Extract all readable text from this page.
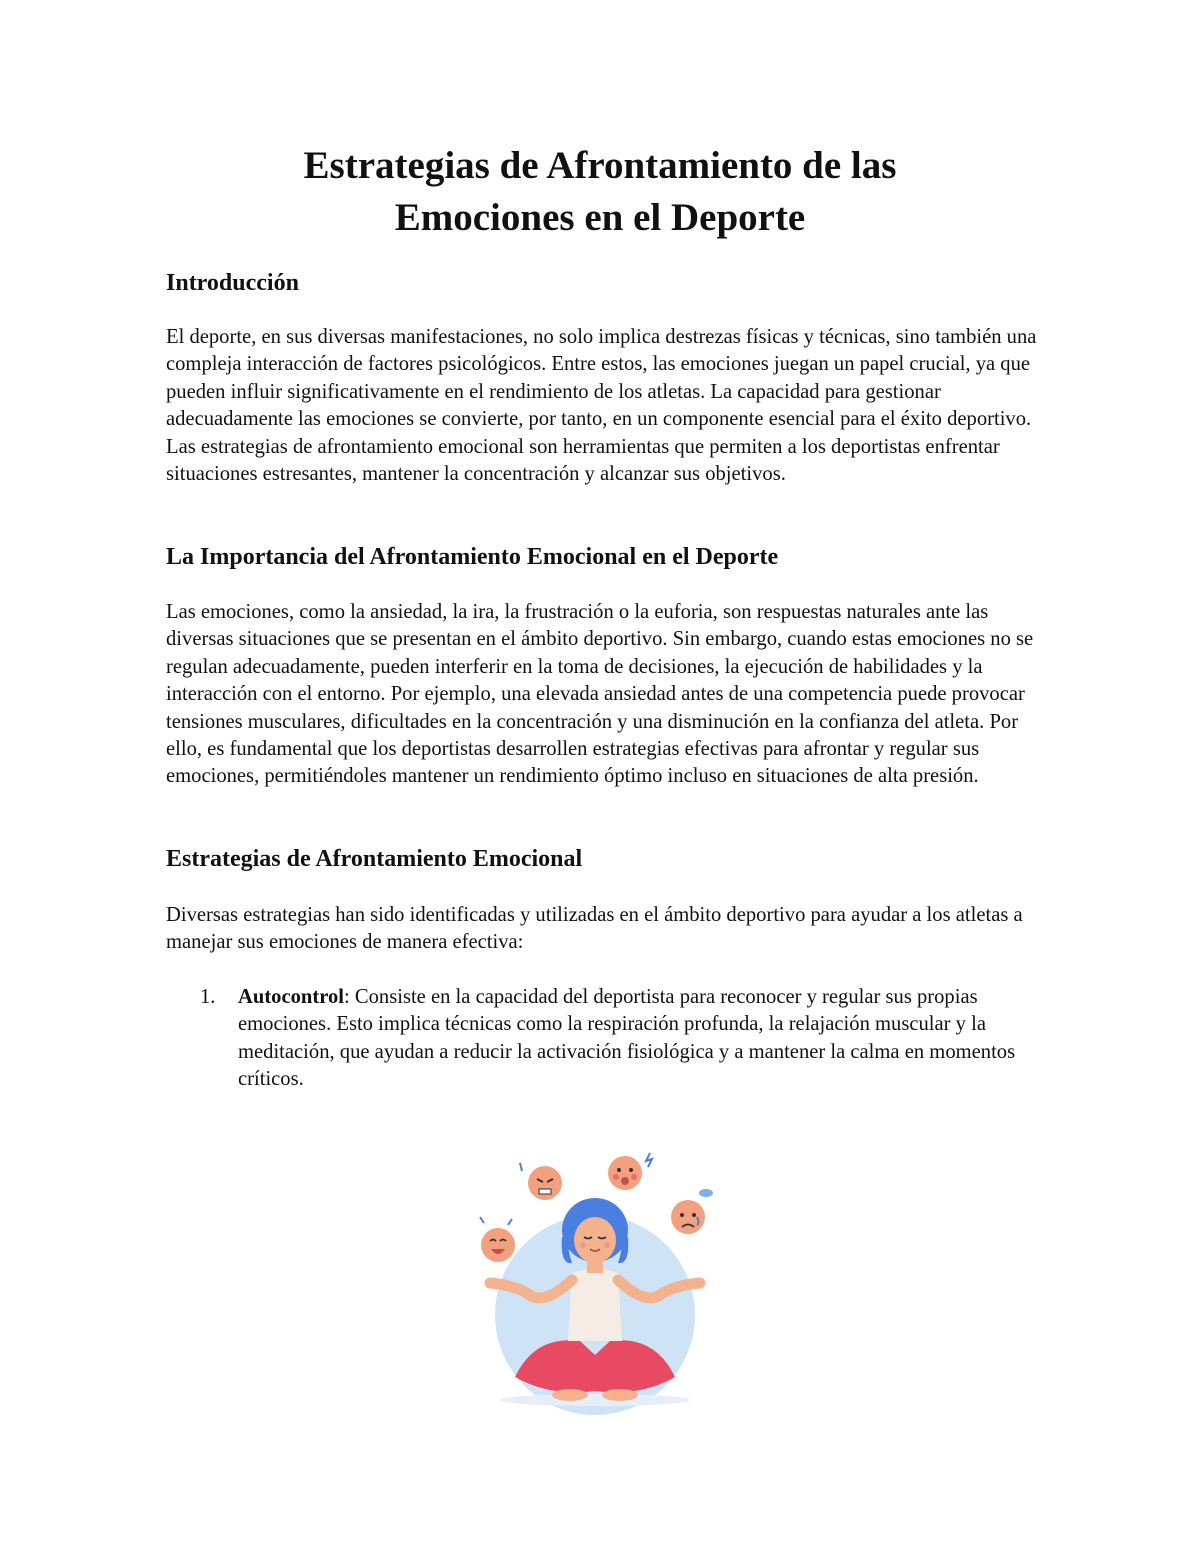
Estrategias de Afrontamiento de las
Emociones en el Deporte
Introducción

El deporte, en sus diversas manifestaciones, no solo implica destrezas físicas y técnicas, sino también una compleja interacción de factores psicológicos. Entre estos, las emociones juegan un papel crucial, ya que pueden influir significativamente en el rendimiento de los atletas. La capacidad para gestionar adecuadamente las emociones se convierte, por tanto, en un componente esencial para el éxito deportivo. Las estrategias de afrontamiento emocional son herramientas que permiten a los deportistas enfrentar situaciones estresantes, mantener la concentración y alcanzar sus objetivos.

La Importancia del Afrontamiento Emocional en el Deporte

Las emociones, como la ansiedad, la ira, la frustración o la euforia, son respuestas naturales ante las diversas situaciones que se presentan en el ámbito deportivo. Sin embargo, cuando estas emociones no se regulan adecuadamente, pueden interferir en la toma de decisiones, la ejecución de habilidades y la interacción con el entorno. Por ejemplo, una elevada ansiedad antes de una competencia puede provocar tensiones musculares, dificultades en la concentración y una disminución en la confianza del atleta. Por ello, es fundamental que los deportistas desarrollen estrategias efectivas para afrontar y regular sus emociones, permitiéndoles mantener un rendimiento óptimo incluso en situaciones de alta presión.

Estrategias de Afrontamiento Emocional

Diversas estrategias han sido identificadas y utilizadas en el ámbito deportivo para ayudar a los atletas a manejar sus emociones de manera efectiva:

1. Autocontrol: Consiste en la capacidad del deportista para reconocer y regular sus propias emociones. Esto implica técnicas como la respiración profunda, la relajación muscular y la meditación, que ayudan a reducir la activación fisiológica y a mantener la calma en momentos críticos.
